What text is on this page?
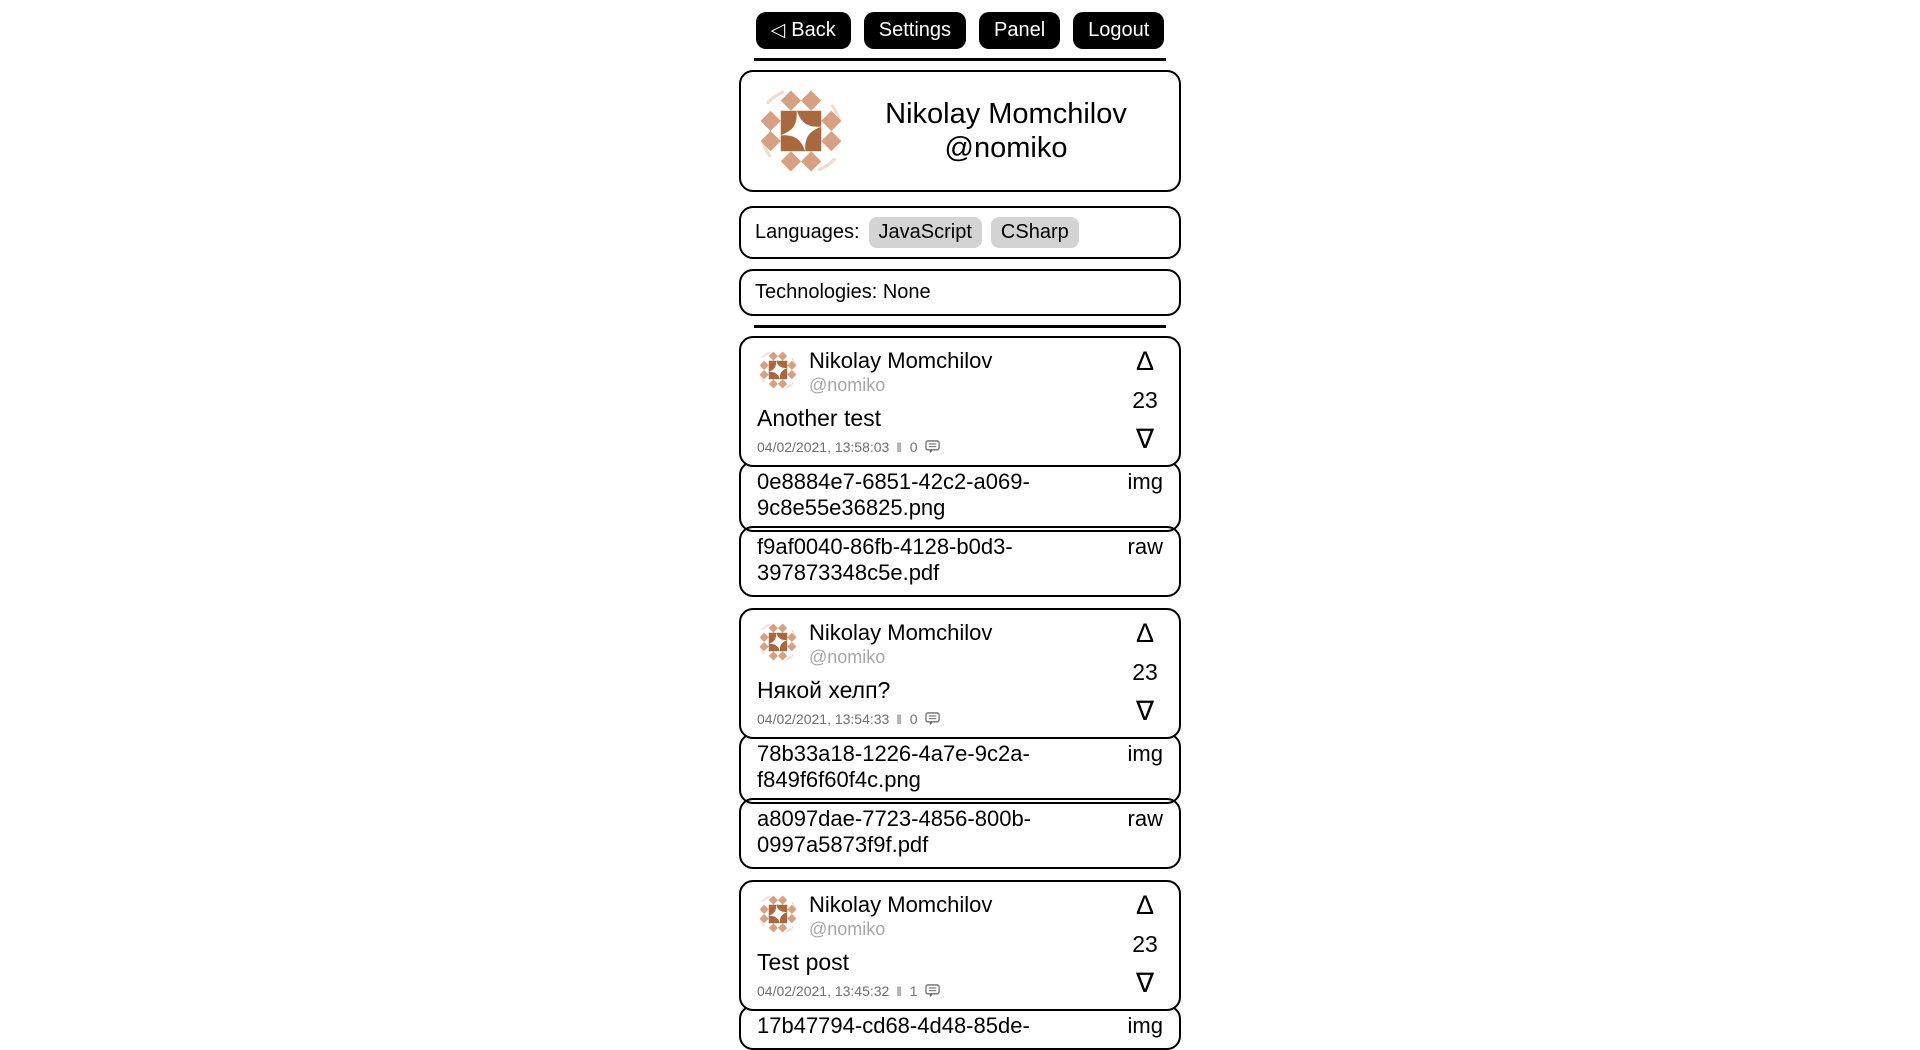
◁ Back	Settings	Panel	Logout
Nikolay Momchilov
@nomiko
Languages: JavaScript	CSharp
Technologies: None
Nikolay Momchilov
@nomiko
Δ
23
∇
Another test
04/02/2021, 13:58:03 ‖ 0
0e8884e7-6851-42c2-a069-9c8e55e36825.png
img
f9af0040-86fb-4128-b0d3-397873348c5e.pdf
raw
Nikolay Momchilov
@nomiko
Δ
23
∇
Някой хелп?
04/02/2021, 13:54:33 ‖ 0
78b33a18-1226-4a7e-9c2a-f849f6f60f4c.png
img
a8097dae-7723-4856-800b-0997a5873f9f.pdf
raw
Nikolay Momchilov
@nomiko
Δ
23
∇
Test post
04/02/2021, 13:45:32 ‖ 1
17b47794-cd68-4d48-85de-	img
